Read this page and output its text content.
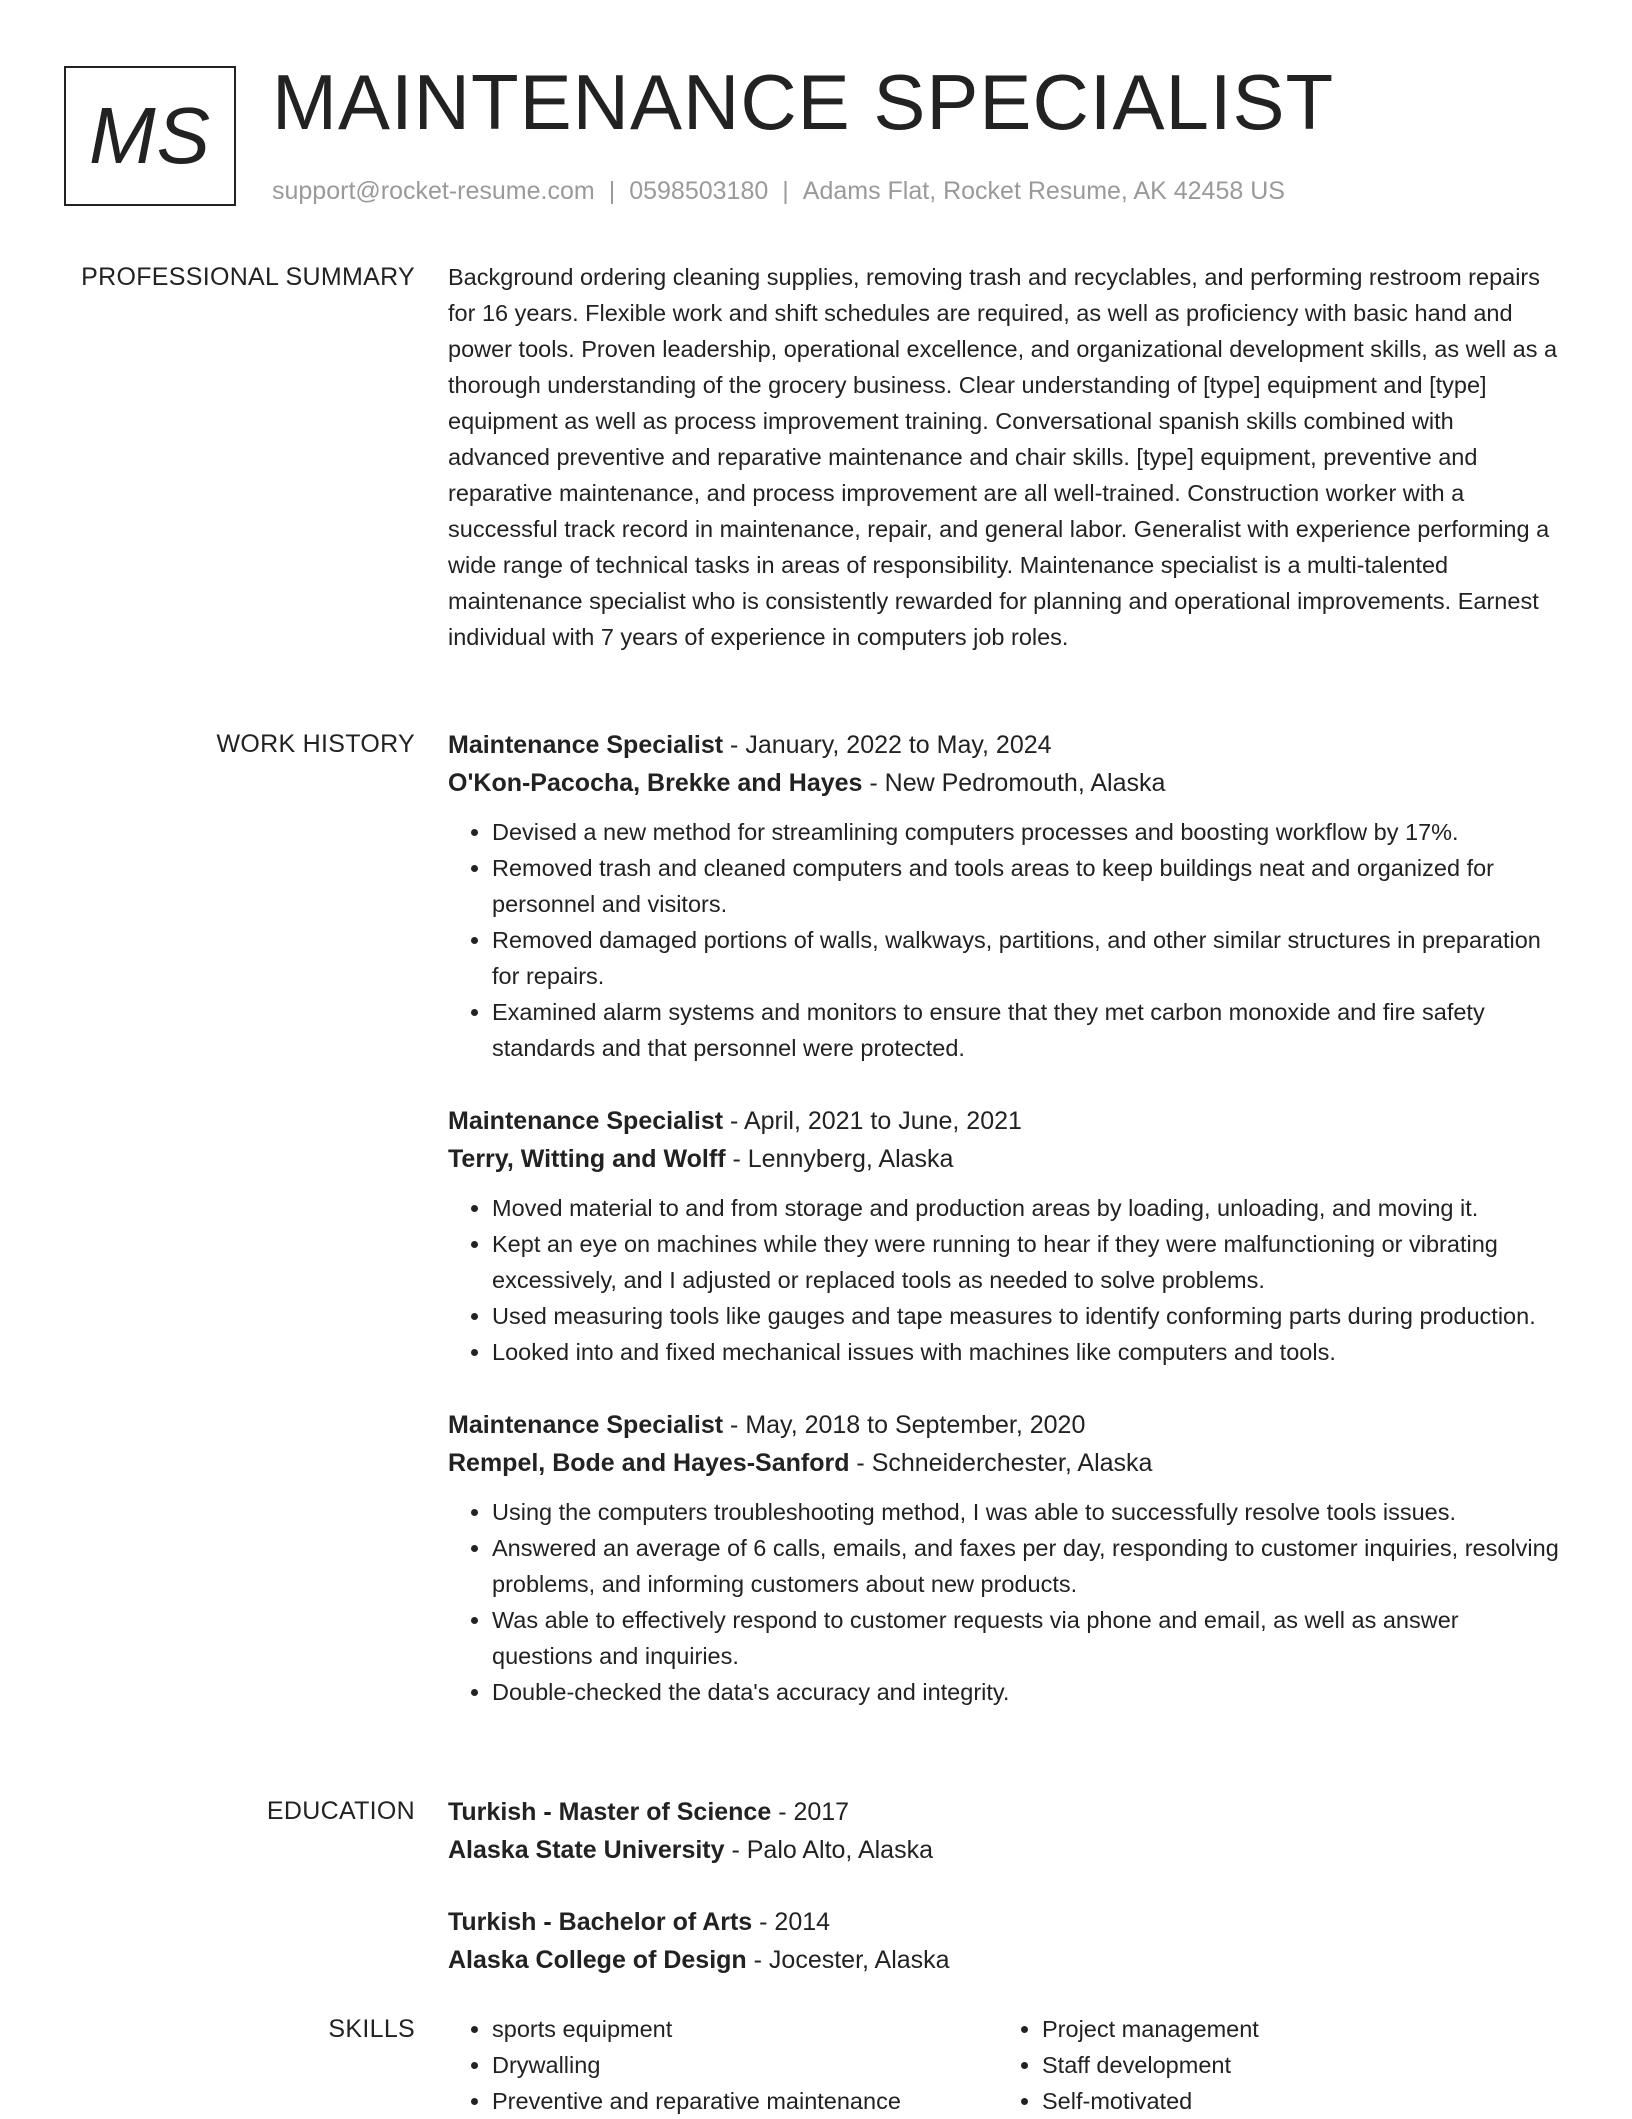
MS MAINTENANCE SPECIALIST
support@rocket-resume.com | 0598503180 | Adams Flat, Rocket Resume, AK 42458 US
PROFESSIONAL SUMMARY Background ordering cleaning supplies, removing trash and recyclables, and performing restroom repairs for 16 years. Flexible work and shift schedules are required, as well as proficiency with basic hand and power tools. Proven leadership, operational excellence, and organizational development skills, as well as a thorough understanding of the grocery business. Clear understanding of [type] equipment and [type] equipment as well as process improvement training. Conversational spanish skills combined with advanced preventive and reparative maintenance and chair skills. [type] equipment, preventive and reparative maintenance, and process improvement are all well-trained. Construction worker with a successful track record in maintenance, repair, and general labor. Generalist with experience performing a wide range of technical tasks in areas of responsibility. Maintenance specialist is a multi-talented maintenance specialist who is consistently rewarded for planning and operational improvements. Earnest individual with 7 years of experience in computers job roles.

WORK HISTORY Maintenance Specialist - January, 2022 to May, 2024
O'Kon-Pacocha, Brekke and Hayes - New Pedromouth, Alaska
• Devised a new method for streamlining computers processes and boosting workflow by 17%.
• Removed trash and cleaned computers and tools areas to keep buildings neat and organized for personnel and visitors.
• Removed damaged portions of walls, walkways, partitions, and other similar structures in preparation for repairs.
• Examined alarm systems and monitors to ensure that they met carbon monoxide and fire safety standards and that personnel were protected.
Maintenance Specialist - April, 2021 to June, 2021
Terry, Witting and Wolff - Lennyberg, Alaska
• Moved material to and from storage and production areas by loading, unloading, and moving it.
• Kept an eye on machines while they were running to hear if they were malfunctioning or vibrating excessively, and I adjusted or replaced tools as needed to solve problems.
• Used measuring tools like gauges and tape measures to identify conforming parts during production.
• Looked into and fixed mechanical issues with machines like computers and tools.
Maintenance Specialist - May, 2018 to September, 2020
Rempel, Bode and Hayes-Sanford - Schneiderchester, Alaska
• Using the computers troubleshooting method, I was able to successfully resolve tools issues.
• Answered an average of 6 calls, emails, and faxes per day, responding to customer inquiries, resolving problems, and informing customers about new products.
• Was able to effectively respond to customer requests via phone and email, as well as answer questions and inquiries.
• Double-checked the data's accuracy and integrity.
EDUCATION Turkish - Master of Science - 2017
Alaska State University - Palo Alto, Alaska
Turkish - Bachelor of Arts - 2014
Alaska College of Design - Jocester, Alaska
SKILLS
•	sports equipment
• Drywalling
• Preventive and reparative maintenance
• Project management
• Staff development
• Self-motivated
